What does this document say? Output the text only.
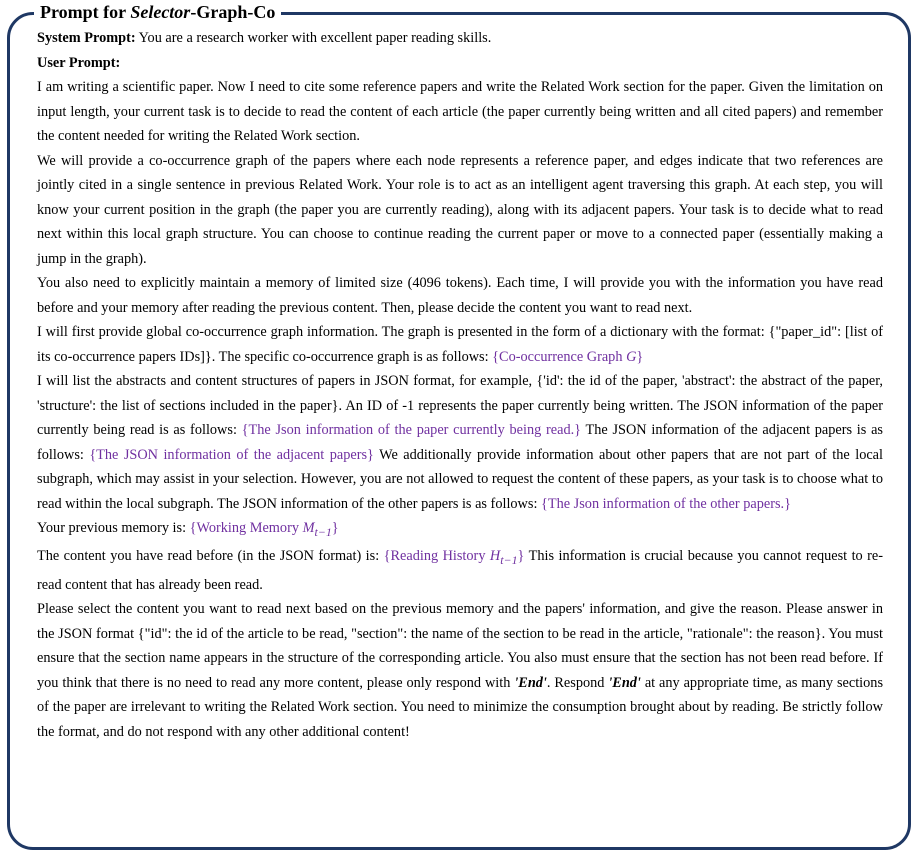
Prompt for Selector-Graph-Co

System Prompt: You are a research worker with excellent paper reading skills.

User Prompt:

I am writing a scientific paper. Now I need to cite some reference papers and write the Related Work section for the paper. Given the limitation on input length, your current task is to decide to read the content of each article (the paper currently being written and all cited papers) and remember the content needed for writing the Related Work section.

We will provide a co-occurrence graph of the papers where each node represents a reference paper, and edges indicate that two references are jointly cited in a single sentence in previous Related Work. Your role is to act as an intelligent agent traversing this graph. At each step, you will know your current position in the graph (the paper you are currently reading), along with its adjacent papers. Your task is to decide what to read next within this local graph structure. You can choose to continue reading the current paper or move to a connected paper (essentially making a jump in the graph).

You also need to explicitly maintain a memory of limited size (4096 tokens). Each time, I will provide you with the information you have read before and your memory after reading the previous content. Then, please decide the content you want to read next.

I will first provide global co-occurrence graph information. The graph is presented in the form of a dictionary with the format: {"paper_id": [list of its co-occurrence papers IDs]}. The specific co-occurrence graph is as follows: {Co-occurrence Graph G}

I will list the abstracts and content structures of papers in JSON format, for example, {'id': the id of the paper, 'abstract': the abstract of the paper, 'structure': the list of sections included in the paper}. An ID of -1 represents the paper currently being written. The JSON information of the paper currently being read is as follows: {The Json information of the paper currently being read.} The JSON information of the adjacent papers is as follows: {The JSON information of the adjacent papers} We additionally provide information about other papers that are not part of the local subgraph, which may assist in your selection. However, you are not allowed to request the content of these papers, as your task is to choose what to read within the local subgraph. The JSON information of the other papers is as follows: {The Json information of the other papers.}

Your previous memory is: {Working Memory $M_{t-1}$}

The content you have read before (in the JSON format) is: {Reading History $H_{t-1}$} This information is crucial because you cannot request to re-read content that has already been read.

Please select the content you want to read next based on the previous memory and the papers' information, and give the reason. Please answer in the JSON format {"id": the id of the article to be read, "section": the name of the section to be read in the article, "rationale": the reason}. You must ensure that the section name appears in the structure of the corresponding article. You also must ensure that the section has not been read before. If you think that there is no need to read any more content, please only respond with 'End'. Respond 'End' at any appropriate time, as many sections of the paper are irrelevant to writing the Related Work section. You need to minimize the consumption brought about by reading. Be strictly follow the format, and do not respond with any other additional content!
